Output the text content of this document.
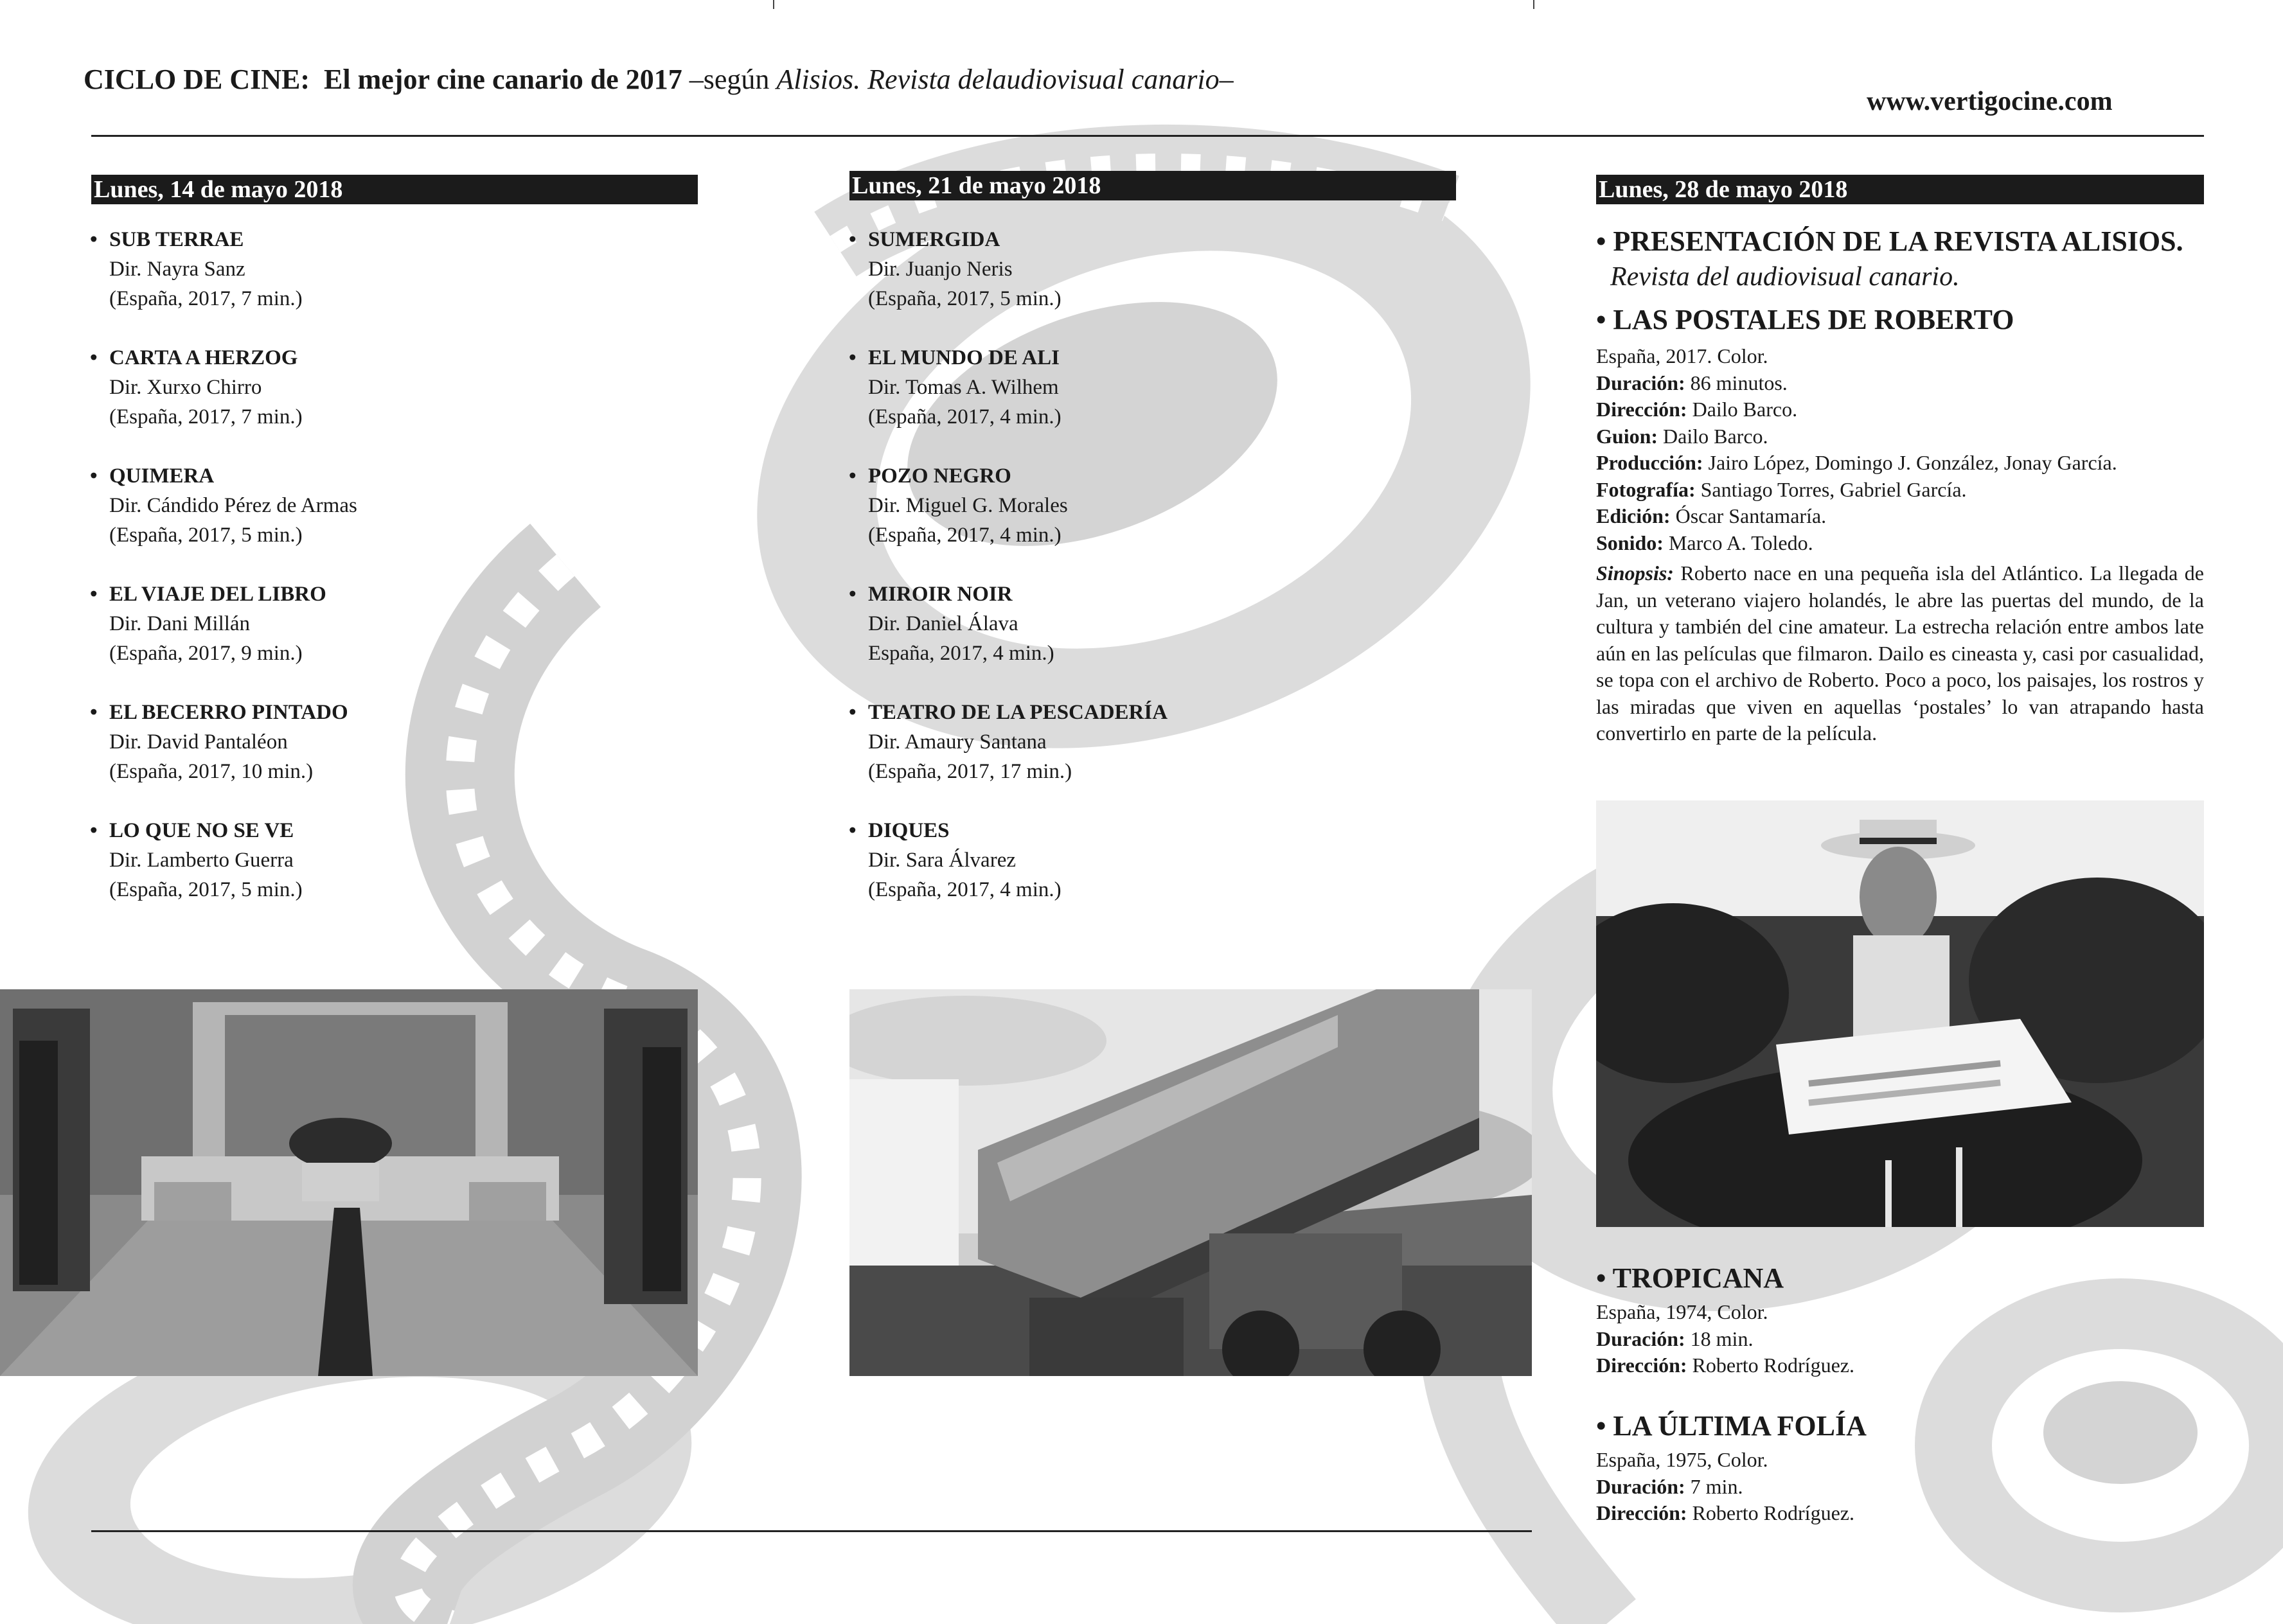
CICLO DE CINE: El mejor cine canario de 2017 –según Alisios. Revista delaudiovisual canario–
www.vertigocine.com
Lunes, 14 de mayo 2018
• SUB TERRAE
Dir. Nayra Sanz
(España, 2017, 7 min.)
• CARTA A HERZOG
Dir. Xurxo Chirro
(España, 2017, 7 min.)
• QUIMERA
Dir. Cándido Pérez de Armas
(España, 2017, 5 min.)
• EL VIAJE DEL LIBRO
Dir. Dani Millán
(España, 2017, 9 min.)
• EL BECERRO PINTADO
Dir. David Pantaléon
(España, 2017, 10 min.)
• LO QUE NO SE VE
Dir. Lamberto Guerra
(España, 2017, 5 min.)
Lunes, 21 de mayo 2018
• SUMERGIDA
Dir. Juanjo Neris
(España, 2017, 5 min.)
• EL MUNDO DE ALI
Dir. Tomas A. Wilhem
(España, 2017, 4 min.)
• POZO NEGRO
Dir. Miguel G. Morales
(España, 2017, 4 min.)
• MIROIR NOIR
Dir. Daniel Álava
España, 2017, 4 min.)
• TEATRO DE LA PESCADERÍA
Dir. Amaury Santana
(España, 2017, 17 min.)
• DIQUES
Dir. Sara Álvarez
(España, 2017, 4 min.)
Lunes, 28 de mayo 2018
• PRESENTACIÓN DE LA REVISTA ALISIOS.
Revista del audiovisual canario.
• LAS POSTALES DE ROBERTO
España, 2017. Color.
Duración: 86 minutos.
Dirección: Dailo Barco.
Guion: Dailo Barco.
Producción: Jairo López, Domingo J. González, Jonay García.
Fotografía: Santiago Torres, Gabriel García.
Edición: Óscar Santamaría.
Sonido: Marco A. Toledo.
Sinopsis: Roberto nace en una pequeña isla del Atlántico. La llegada de Jan, un veterano viajero holandés, le abre las puertas del mundo, de la cultura y también del cine amateur. La estrecha relación entre ambos late aún en las películas que filmaron. Dailo es cineasta y, casi por casualidad, se topa con el archivo de Roberto. Poco a poco, los paisajes, los rostros y las miradas que viven en aquellas ‘postales’ lo van atrapando hasta convertirlo en parte de la película.
• TROPICANA
España, 1974, Color.
Duración: 18 min.
Dirección: Roberto Rodríguez.
• LA ÚLTIMA FOLÍA
España, 1975, Color.
Duración: 7 min.
Dirección: Roberto Rodríguez.
